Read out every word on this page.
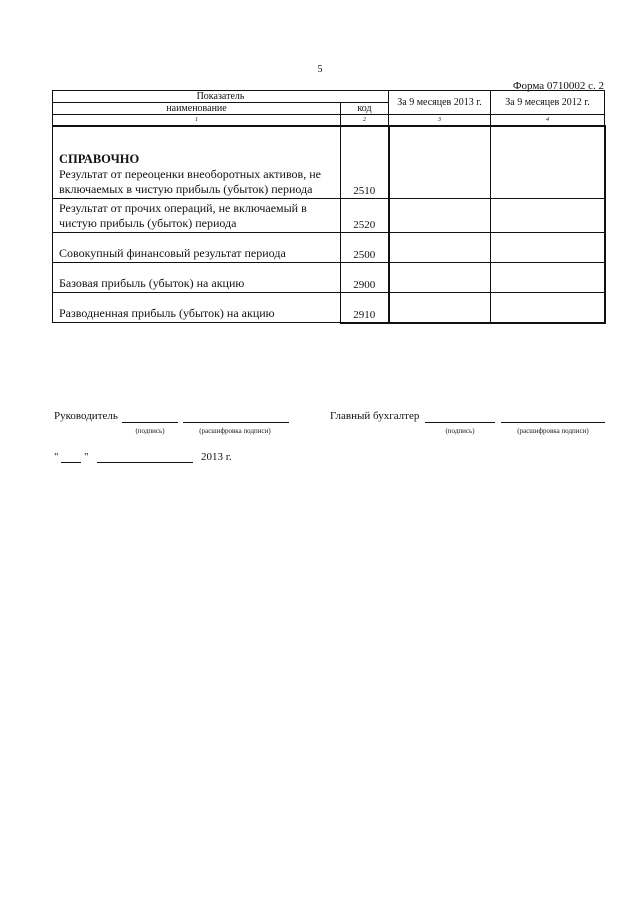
5
Форма 0710002 с. 2
Показатель		За 9 месяцев 2013 г.	За 9 месяцев 2012 г.
наименование	код		
1	2	3	4

СПРАВОЧНО
Результат от переоценки внеоборотных активов, не включаемых в чистую прибыль (убыток) периода	2510		
Результат от прочих операций, не включаемый в чистую прибыль (убыток) периода	2520		
Совокупный финансовый результат периода	2500		
Базовая прибыль (убыток) на акцию	2900		
Разводненная прибыль (убыток) на акцию	2910		
Руководитель
(подпись)	(расшифровка подписи)
Главный бухгалтер
(подпись)	(расшифровка подписи)
" "	2013 г.
